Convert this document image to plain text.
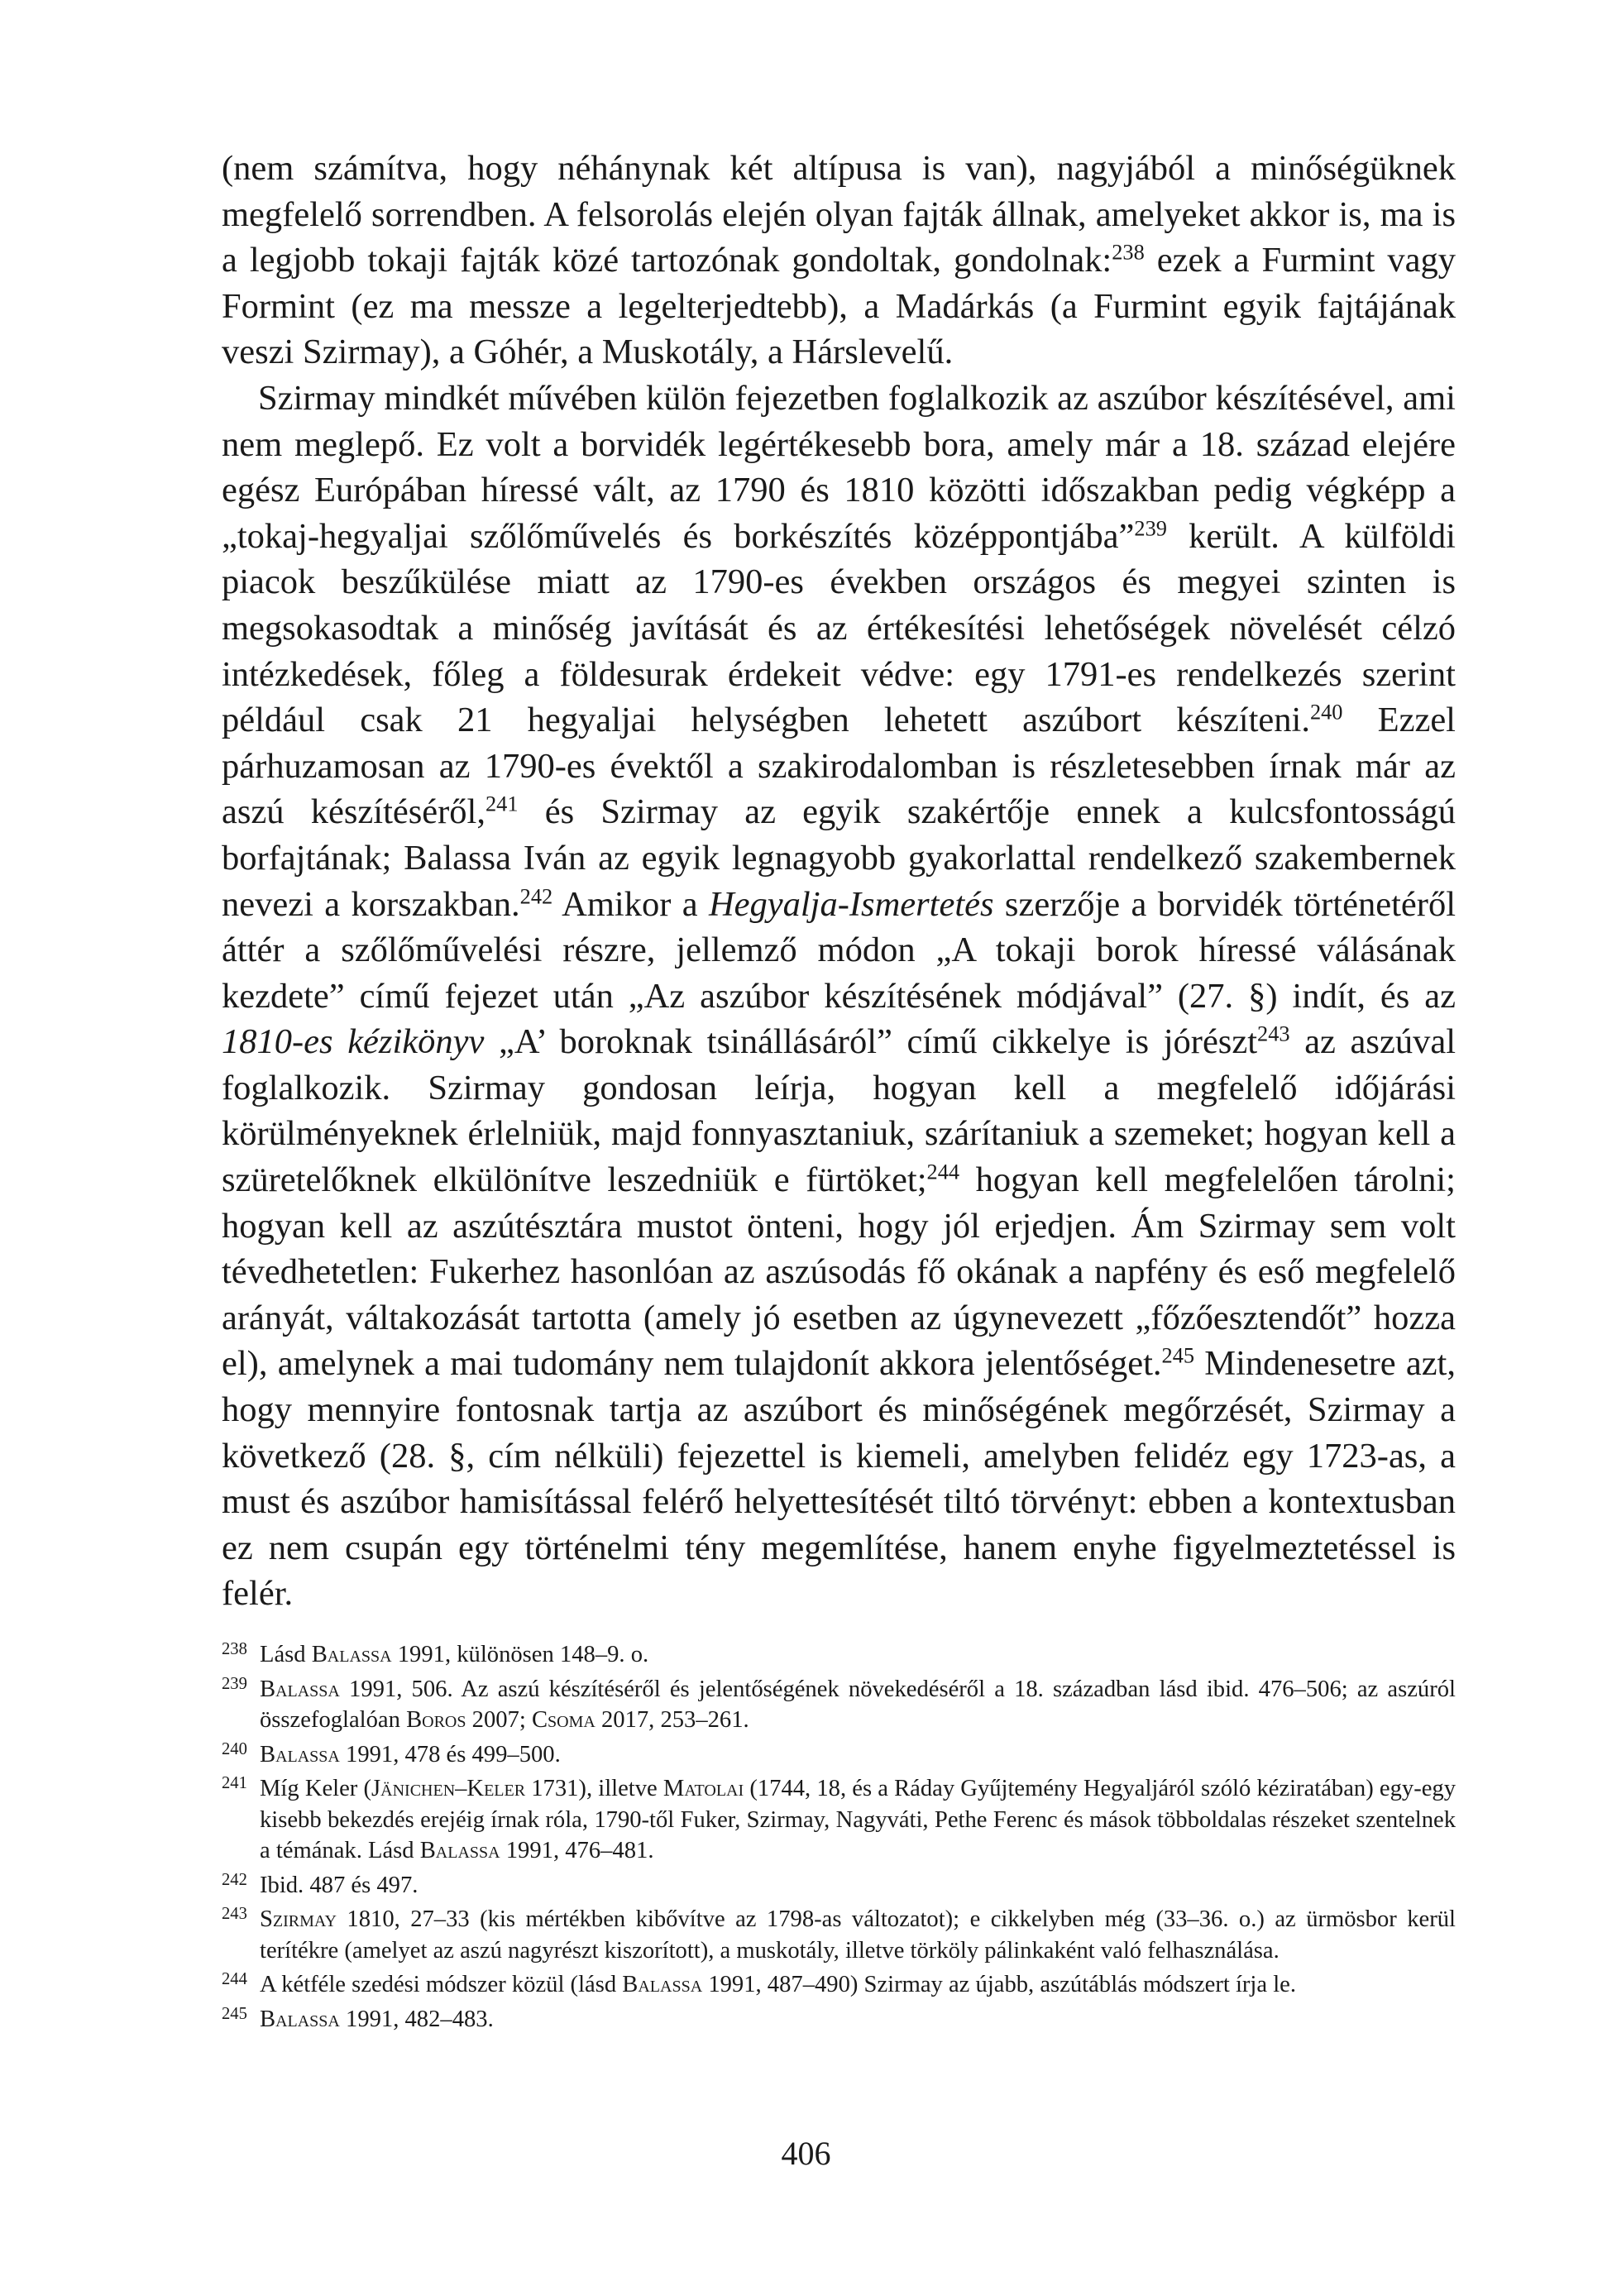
(nem számítva, hogy néhánynak két altípusa is van), nagyjából a minőségüknek megfelelő sorrendben. A felsorolás elején olyan fajták állnak, amelyeket akkor is, ma is a legjobb tokaji fajták közé tartozónak gondoltak, gondolnak:$^{238}$ ezek a Furmint vagy Formint (ez ma messze a legelterjedtebb), a Madárkás (a Furmint egyik fajtájának veszi Szirmay), a Góhér, a Muskotály, a Hárslevelű.

Szirmay mindkét művében külön fejezetben foglalkozik az aszúbor készítésével, ami nem meglepő. Ez volt a borvidék legértékesebb bora, amely már a 18. század elejére egész Európában híressé vált, az 1790 és 1810 közötti időszakban pedig végképp a „tokaj-hegyaljai szőlőművelés és borkészítés középpontjába”$^{239}$ került. A külföldi piacok beszűkülése miatt az 1790-es években országos és megyei szinten is megsokasodtak a minőség javítását és az értékesítési lehetőségek növelését célzó intézkedések, főleg a földesurak érdekeit védve: egy 1791-es rendelkezés szerint például csak 21 hegyaljai helységben lehetett aszúbort készíteni.$^{240}$ Ezzel párhuzamosan az 1790-es évektől a szakirodalomban is részletesebben írnak már az aszú készítéséről,$^{241}$ és Szirmay az egyik szakértője ennek a kulcsfontosságú borfajtának; Balassa Iván az egyik legnagyobb gyakorlattal rendelkező szakembernek nevezi a korszakban.$^{242}$ Amikor a Hegyalja-Ismertetés szerzője a borvidék történetéről áttér a szőlőművelési részre, jellemző módon „A tokaji borok híressé válásának kezdete” című fejezet után „Az aszúbor készítésének módjával” (27. §) indít, és az 1810-es kézikönyv „A’ boroknak tsinállásáról” című cikkelye is jórészt$^{243}$ az aszúval foglalkozik. Szirmay gondosan leírja, hogyan kell a megfelelő időjárási körülményeknek érlelniük, majd fonnyasztaniuk, szárítaniuk a szemeket; hogyan kell a szüretelőknek elkülönítve leszedniük e fürtöket;$^{244}$ hogyan kell megfelelően tárolni; hogyan kell az aszútésztára mustot önteni, hogy jól erjedjen. Ám Szirmay sem volt tévedhetetlen: Fukerhez hasonlóan az aszúsodás fő okának a napfény és eső megfelelő arányát, váltakozását tartotta (amely jó esetben az úgynevezett „főzőesztendőt” hozza el), amelynek a mai tudomány nem tulajdonít akkora jelentőséget.$^{245}$ Mindenesetre azt, hogy mennyire fontosnak tartja az aszúbort és minőségének megőrzését, Szirmay a következő (28. §, cím nélküli) fejezettel is kiemeli, amelyben felidéz egy 1723-as, a must és aszúbor hamisítással felérő helyettesítését tiltó törvényt: ebben a kontextusban ez nem csupán egy történelmi tény megemlítése, hanem enyhe figyelmeztetéssel is felér.

238 Lásd Balassa 1991, különösen 148–9. o.
239 Balassa 1991, 506. Az aszú készítéséről és jelentőségének növekedéséről a 18. században lásd ibid. 476–506; az aszúról összefoglalóan Boros 2007; Csoma 2017, 253–261.
240 Balassa 1991, 478 és 499–500.
241 Míg Keler (Jänichen–Keler 1731), illetve Matolai (1744, 18, és a Ráday Gyűjtemény Hegyaljáról szóló kéziratában) egy-egy kisebb bekezdés erejéig írnak róla, 1790-től Fuker, Szirmay, Nagyváti, Pethe Ferenc és mások többoldalas részeket szentelnek a témának. Lásd Balassa 1991, 476–481.
242 Ibid. 487 és 497.
243 Szirmay 1810, 27–33 (kis mértékben kibővítve az 1798-as változatot); e cikkelyben még (33–36. o.) az ürmösbor kerül terítékre (amelyet az aszú nagyrészt kiszorított), a muskotály, illetve törköly pálinkaként való felhasználása.
244 A kétféle szedési módszer közül (lásd Balassa 1991, 487–490) Szirmay az újabb, aszútáblás módszert írja le.
245 Balassa 1991, 482–483.
406
